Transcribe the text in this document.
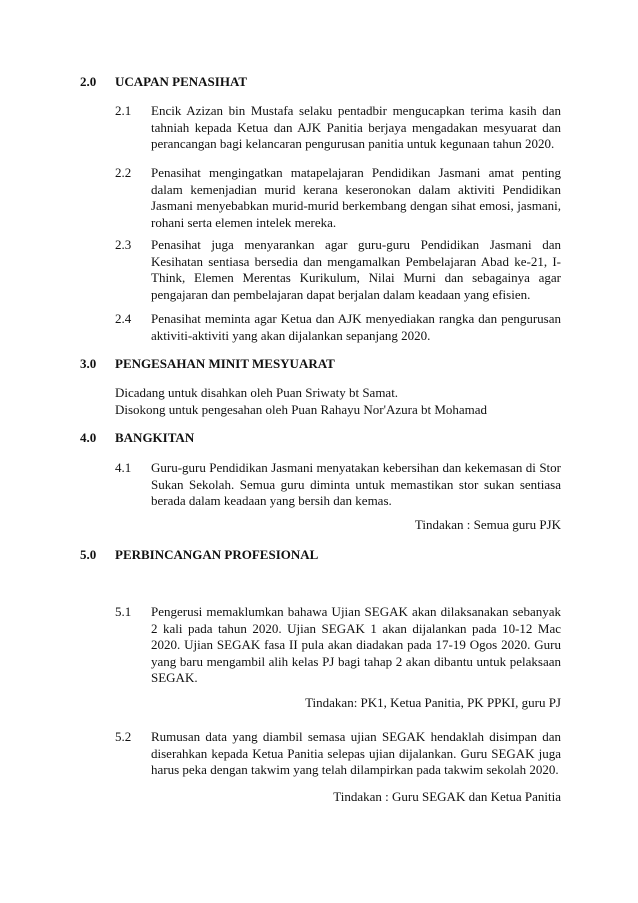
2.0 UCAPAN PENASIHAT
2.1 Encik Azizan bin Mustafa selaku pentadbir mengucapkan terima kasih dan tahniah kepada Ketua dan AJK Panitia berjaya mengadakan mesyuarat dan perancangan bagi kelancaran pengurusan panitia untuk kegunaan tahun 2020.
2.2 Penasihat mengingatkan matapelajaran Pendidikan Jasmani amat penting dalam kemenjadian murid kerana keseronokan dalam aktiviti Pendidikan Jasmani menyebabkan murid-murid berkembang dengan sihat emosi, jasmani, rohani serta elemen intelek mereka.
2.3 Penasihat juga menyarankan agar guru-guru Pendidikan Jasmani dan Kesihatan sentiasa bersedia dan mengamalkan Pembelajaran Abad ke-21, I-Think, Elemen Merentas Kurikulum, Nilai Murni dan sebagainya agar pengajaran dan pembelajaran dapat berjalan dalam keadaan yang efisien.
2.4 Penasihat meminta agar Ketua dan AJK menyediakan rangka dan pengurusan aktiviti-aktiviti yang akan dijalankan sepanjang 2020.
3.0 PENGESAHAN MINIT MESYUARAT
Dicadang untuk disahkan oleh Puan Sriwaty bt Samat.
Disokong untuk pengesahan oleh Puan Rahayu Nor'Azura bt Mohamad
4.0 BANGKITAN
4.1 Guru-guru Pendidikan Jasmani menyatakan kebersihan dan kekemasan di Stor Sukan Sekolah. Semua guru diminta untuk memastikan stor sukan sentiasa berada dalam keadaan yang bersih dan kemas.
Tindakan : Semua guru PJK
5.0 PERBINCANGAN PROFESIONAL
5.1 Pengerusi memaklumkan bahawa Ujian SEGAK akan dilaksanakan sebanyak 2 kali pada tahun 2020. Ujian SEGAK 1 akan dijalankan pada 10-12 Mac 2020. Ujian SEGAK fasa II pula akan diadakan pada 17-19 Ogos 2020. Guru yang baru mengambil alih kelas PJ bagi tahap 2 akan dibantu untuk pelaksaan SEGAK.
Tindakan: PK1, Ketua Panitia, PK PPKI, guru PJ
5.2 Rumusan data yang diambil semasa ujian SEGAK hendaklah disimpan dan diserahkan kepada Ketua Panitia selepas ujian dijalankan. Guru SEGAK juga harus peka dengan takwim yang telah dilampirkan pada takwim sekolah 2020.
Tindakan : Guru SEGAK dan Ketua Panitia
